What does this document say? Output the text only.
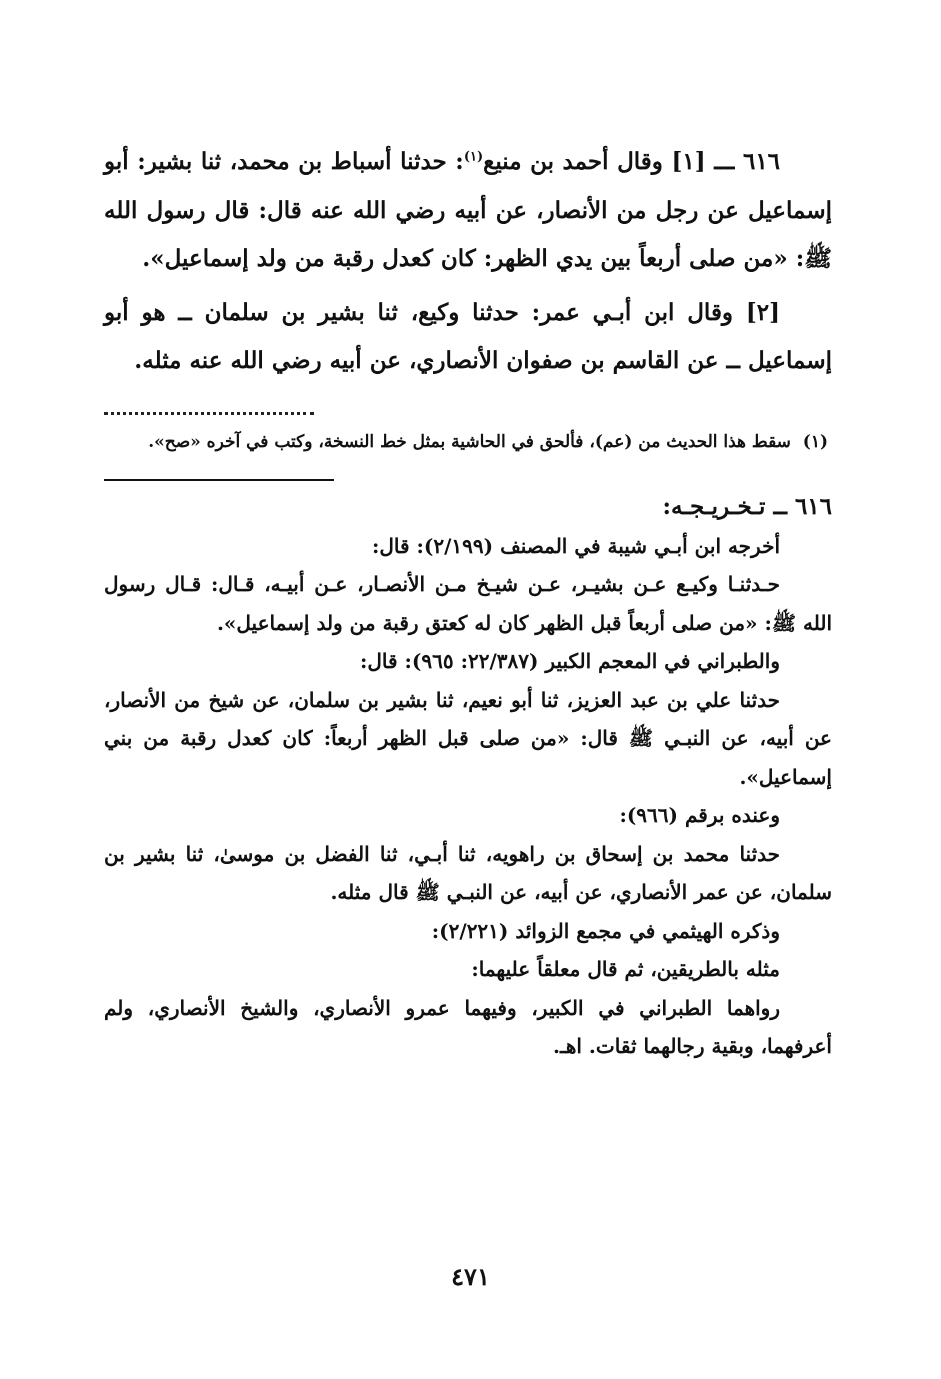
٦١٦ ـــ [١] وقال أحمد بن منيع$^{(١)}$: حدثنا أسباط بن محمد، ثنا بشير: أبو إسماعيل عن رجل من الأنصار، عن أبيه رضي الله عنه قال: قال رسول الله ﷺ: «من صلى أربعاً بين يدي الظهر: كان كعدل رقبة من ولد إسماعيل».

[٢] وقال ابن أبـي عمر: حدثنا وكيع، ثنا بشير بن سلمان ــ هو أبو إسماعيل ــ عن القاسم بن صفوان الأنصاري، عن أبيه رضي الله عنه مثله.

(١)  سقط هذا الحديث من (عم)، فألحق في الحاشية بمثل خط النسخة، وكتب في آخره «صح».

٦١٦ ــ تـخـريـجـه:

أخرجه ابن أبـي شيبة في المصنف (٢/١٩٩): قال:

حـدثنـا وكيـع عـن بشيـر، عـن شيـخ مـن الأنصـار، عـن أبيـه، قـال: قـال رسول الله ﷺ: «من صلى أربعاً قبل الظهر كان له كعتق رقبة من ولد إسماعيل».

والطبراني في المعجم الكبير (٢٢/٣٨٧: ٩٦٥): قال:

حدثنا علي بن عبد العزيز، ثنا أبو نعيم، ثنا بشير بن سلمان، عن شيخ من الأنصار، عن أبيه، عن النبـي ﷺ قال: «من صلى قبل الظهر أربعاً: كان كعدل رقبة من بني إسماعيل».

وعنده برقم (٩٦٦):

حدثنا محمد بن إسحاق بن راهويه، ثنا أبـي، ثنا الفضل بن موسىٰ، ثنا بشير بن سلمان، عن عمر الأنصاري، عن أبيه، عن النبـي ﷺ قال مثله.

وذكره الهيثمي في مجمع الزوائد (٢/٢٢١):

مثله بالطريقين، ثم قال معلقاً عليهما:

رواهما الطبراني في الكبير، وفيهما عمرو الأنصاري، والشيخ الأنصاري، ولم أعرفهما، وبقية رجالهما ثقات. اهـ.

٤٧١
